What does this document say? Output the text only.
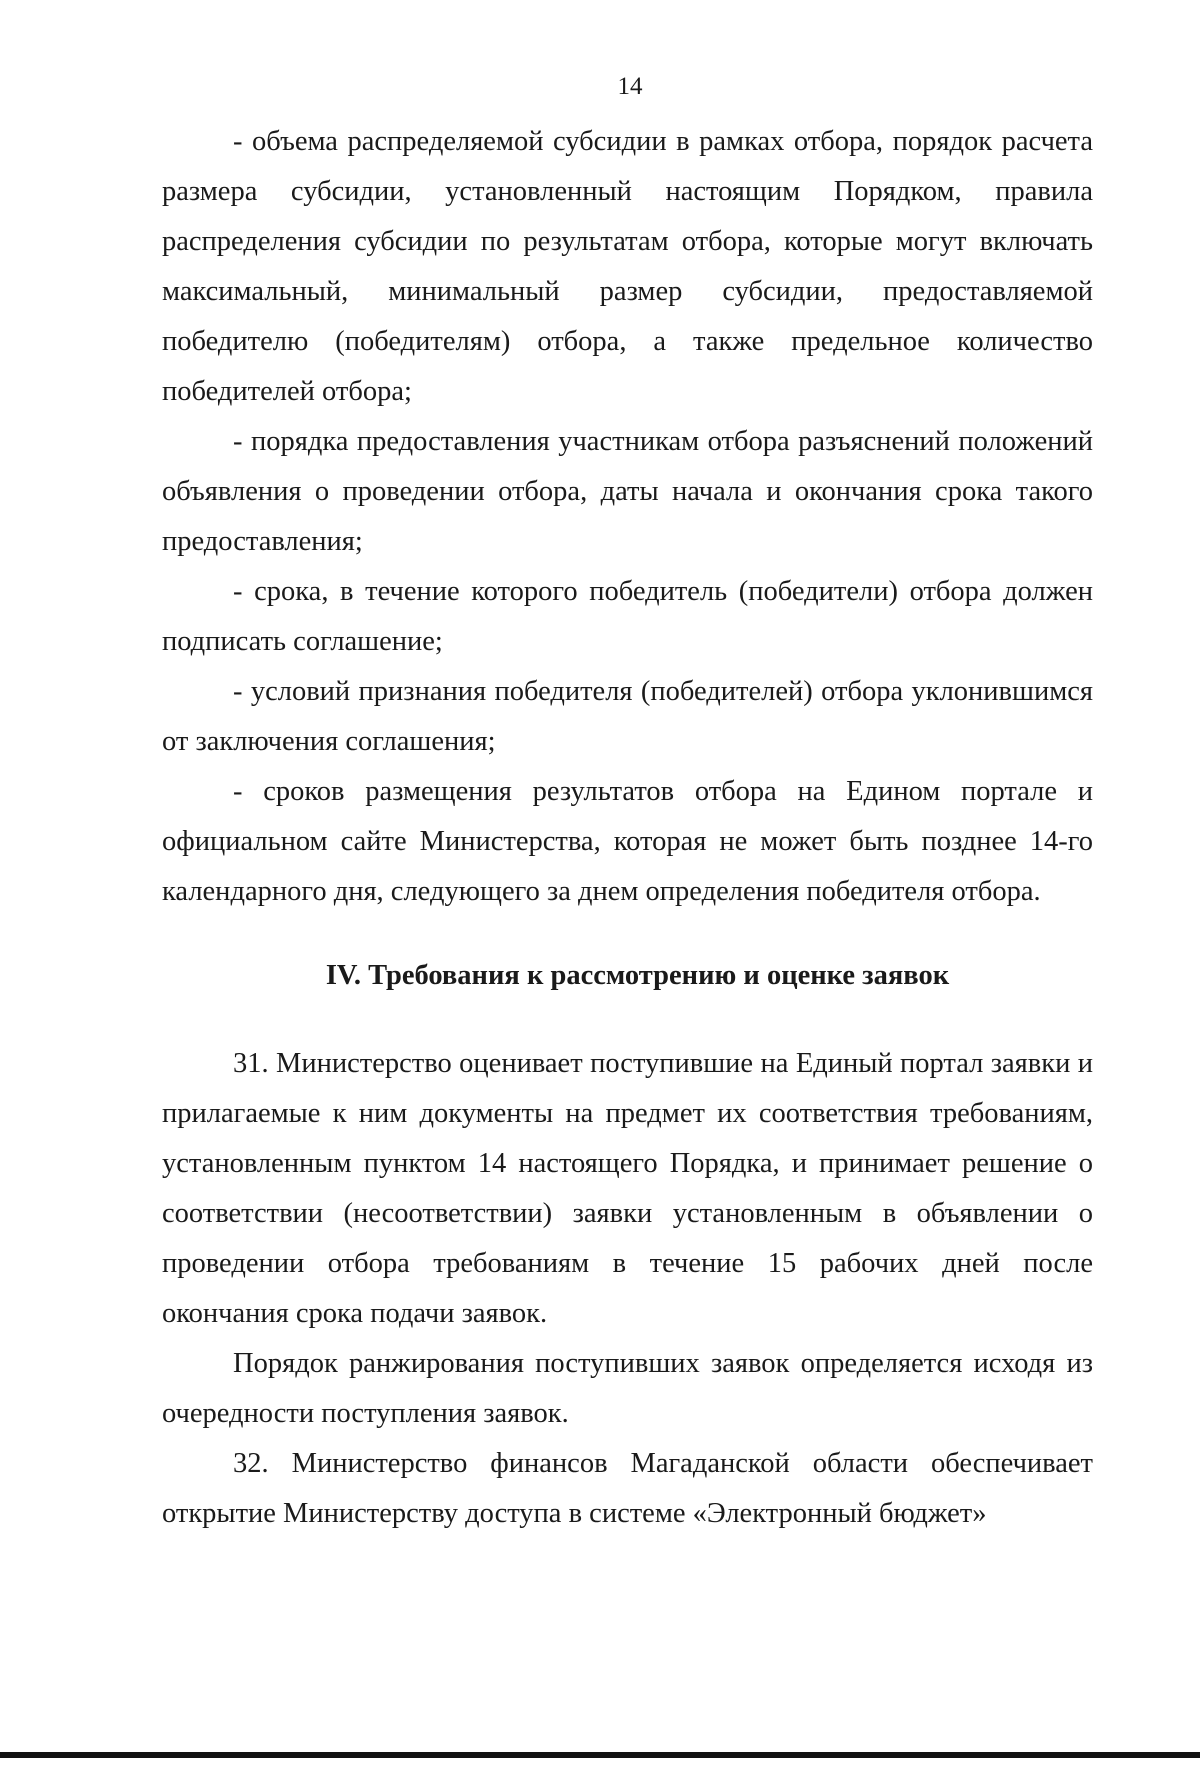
14

- объема распределяемой субсидии в рамках отбора, порядок расчета размера субсидии, установленный настоящим Порядком, правила распределения субсидии по результатам отбора, которые могут включать максимальный, минимальный размер субсидии, предоставляемой победителю (победителям) отбора, а также предельное количество победителей отбора;

- порядка предоставления участникам отбора разъяснений положений объявления о проведении отбора, даты начала и окончания срока такого предоставления;

- срока, в течение которого победитель (победители) отбора должен подписать соглашение;

- условий признания победителя (победителей) отбора уклонившимся от заключения соглашения;

- сроков размещения результатов отбора на Едином портале и официальном сайте Министерства, которая не может быть позднее 14-го календарного дня, следующего за днем определения победителя отбора.

IV. Требования к рассмотрению и оценке заявок

31. Министерство оценивает поступившие на Единый портал заявки и прилагаемые к ним документы на предмет их соответствия требованиям, установленным пунктом 14 настоящего Порядка, и принимает решение о соответствии (несоответствии) заявки установленным в объявлении о проведении отбора требованиям в течение 15 рабочих дней после окончания срока подачи заявок.

Порядок ранжирования поступивших заявок определяется исходя из очередности поступления заявок.

32. Министерство финансов Магаданской области обеспечивает открытие Министерству доступа в системе «Электронный бюджет»
